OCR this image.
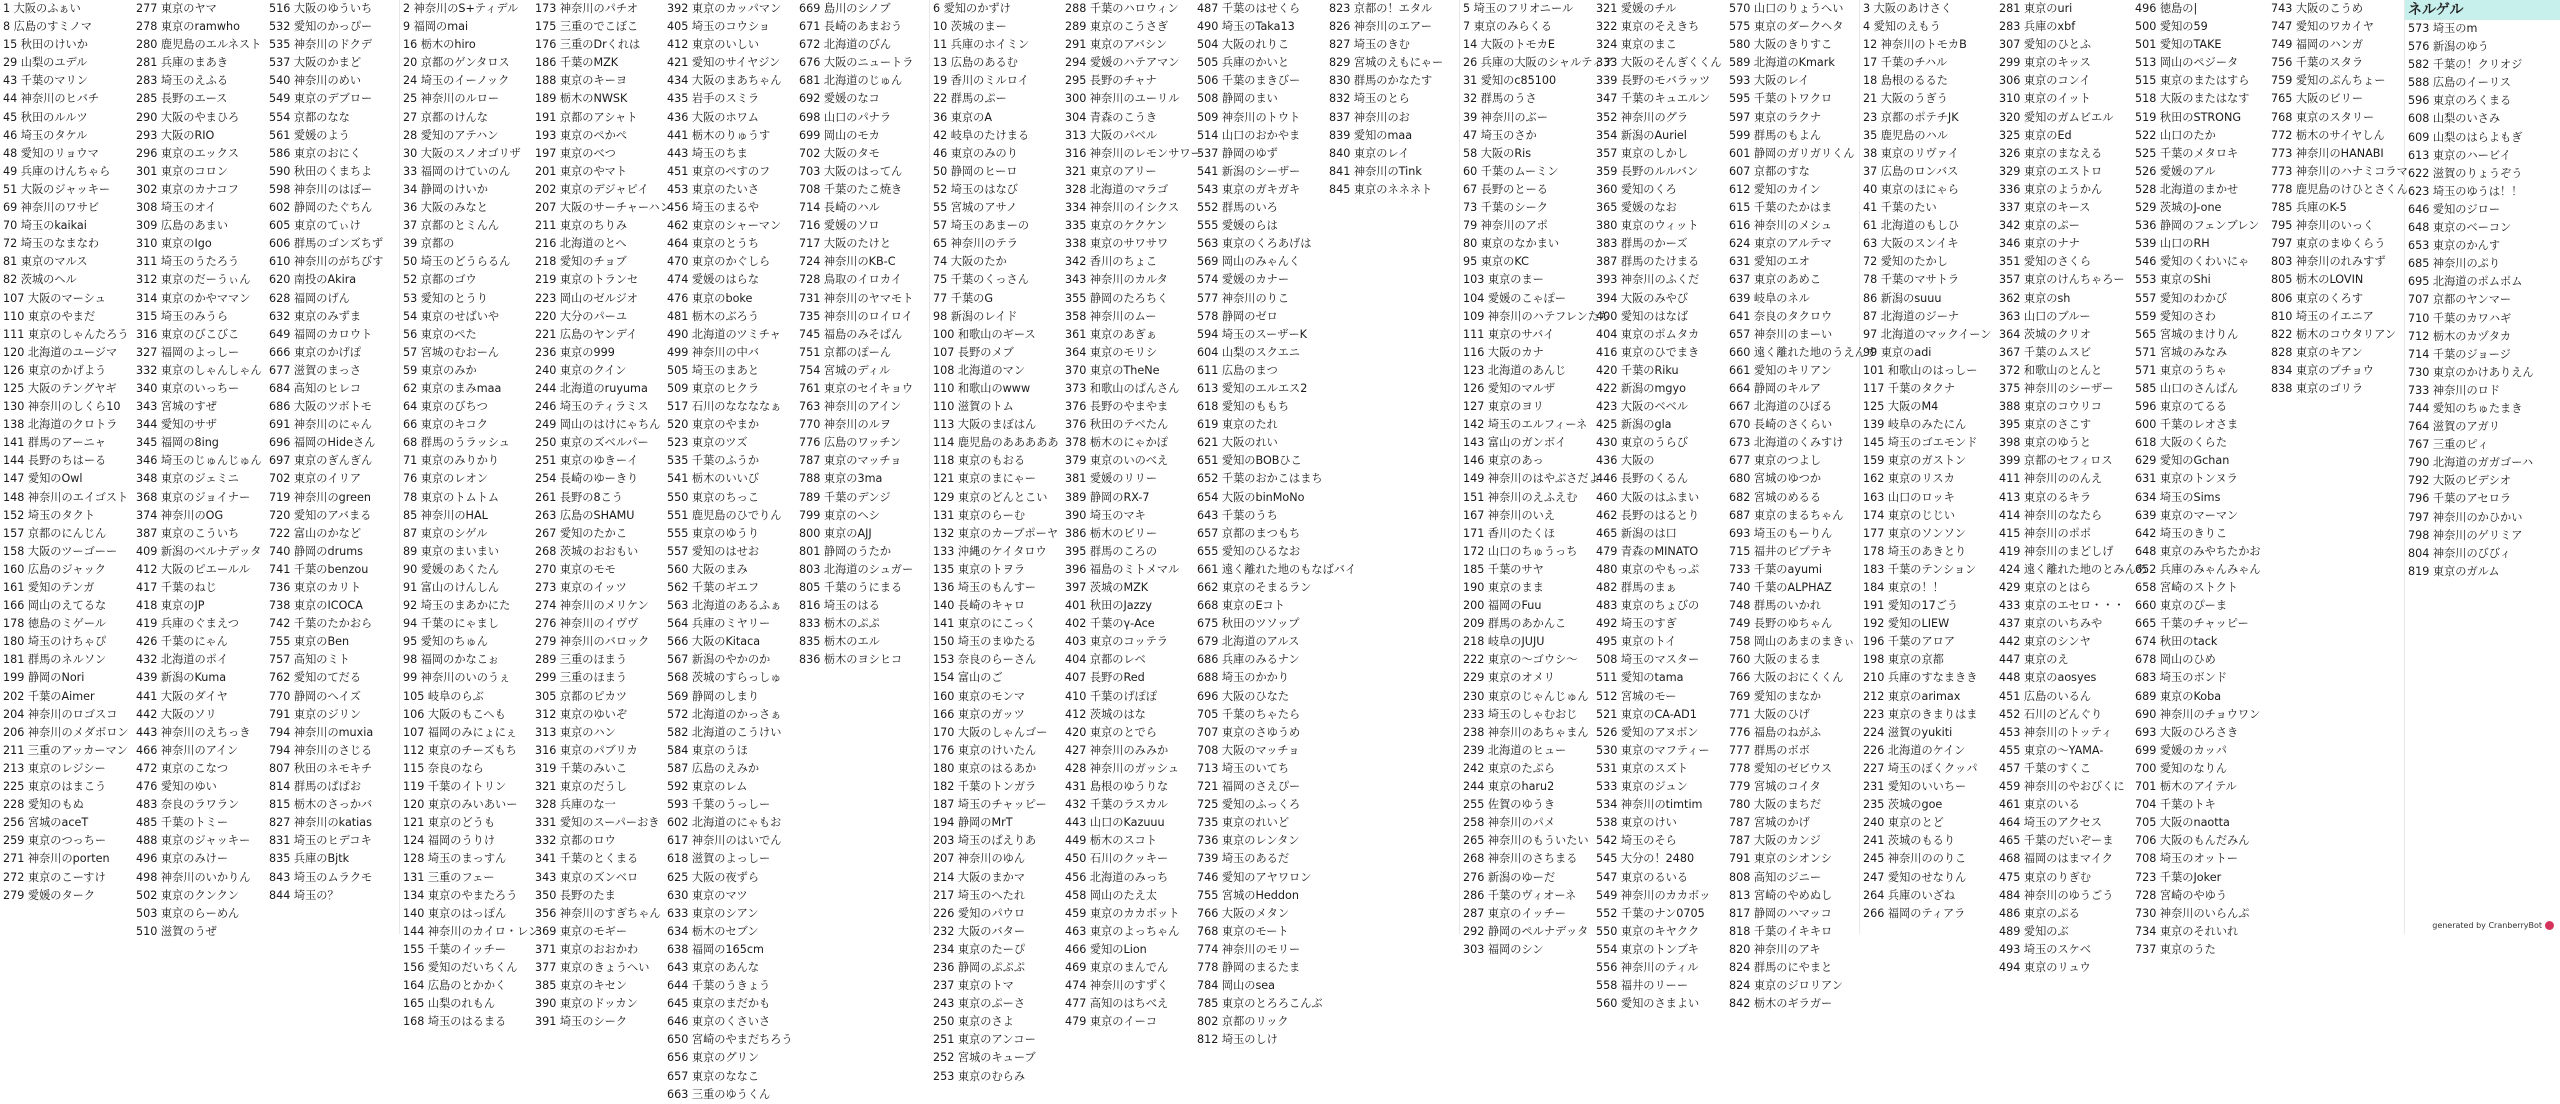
1 大阪のふぁい
8 広島のすミノマ
15 秋田のけいか
29 山梨のユデル
43 千葉のマリン
44 神奈川のヒバチ
45 秋田のルルツ
46 埼玉のタケル
48 愛知のリョウマ
49 兵庫のけんちゃら
51 大阪のジャッキー
69 神奈川のワサビ
70 埼玉のkaikai
72 埼玉のなまなわ
81 東京のマルス
82 茨城のヘル
107 大阪のマーシュ
110 東京のやまだ
111 東京のしゃんたろう
120 北海道のユージマ
126 東京のかげよう
125 大阪のテングヤギ
130 神奈川のしくら10
138 北海道のクロトラ
141 群馬のアーニャ
144 長野のちはーる
147 愛知のOwl
148 神奈川のエイゴスト
152 埼玉のタクト
157 京都のにんじん
158 大阪のツーゴーー
160 広島のジャック
161 愛知のテンガ
166 岡山のえてるな
178 徳島のミゲール
180 埼玉のけちゃぴ
181 群馬のネルソン
199 静岡のNori
202 千葉のAimer
204 神奈川のロゴスコ
206 神奈川のメダボロン
211 三重のアッカーマン
213 東京のレジシー
225 東京のはまこう
228 愛知のもぬ
256 宮城のaceT
259 東京のつっちー
271 神奈川のporten
272 東京のこーすけ
279 愛媛のターク
277 東京のヤマ
278 東京のramwho
280 鹿児島のエルネスト
281 兵庫のまあき
283 埼玉のえふる
285 長野のエース
290 大阪のやまひろ
293 大阪のRIO
296 東京のエックス
301 東京のコロン
302 東京のカナコフ
308 埼玉のオイ
309 広島のあまい
310 東京のIgo
311 埼玉のうたろう
312 東京のだーうぃん
314 東京のかやママン
315 埼玉のみうら
316 東京のびこびこ
327 福岡のよっしー
332 東京のしゃんしゃん
340 東京のいっちー
343 宮城のすぜ
344 愛知のサザ
345 福岡の8ing
346 埼玉のじゅんじゅん
348 東京のジェミニ
368 東京のジョイナー
374 神奈川のOG
387 東京のこういち
409 新潟のベルナデッタ
412 大阪のピエールル
417 千葉のねじ
418 東京のJP
419 兵庫のぐまえつ
426 千葉のにゃん
432 北海道のポイ
439 新潟のKuma
441 大阪のダイヤ
442 大阪のソリ
443 神奈川のえちっき
466 神奈川のアイン
472 東京のこなつ
476 愛知のゆい
483 奈良のラワラン
485 千葉のトミー
488 東京のジャッキー
496 東京のみけー
498 神奈川のいかりん
502 東京のクンクン
503 東京のらーめん
510 滋賀のうぜ
516 大阪のゆういち
532 愛知のかっぴー
535 神奈川のドクデ
537 大阪のかまど
540 神奈川のめい
549 東京のデブロー
554 京都のなな
561 愛媛のよう
586 東京のおにく
590 秋田のくまちよ
598 神奈川のはぼー
602 静岡のたぐちん
605 東京のてぃけ
606 群馬のゴンズちず
610 神奈川のがちびす
620 南投のAkira
628 福岡のげん
632 東京のみずま
649 福岡のカロウト
666 東京のかげぽ
677 滋賀のまっさ
684 高知のヒレコ
686 大阪のツボトモ
691 神奈川のにゃん
696 福岡のHideさん
697 東京のぎんぎん
702 東京のイリア
719 神奈川のgreen
720 愛知のアバまる
722 富山のかなど
740 静岡のdrums
741 千葉のbenzou
736 東京のカリト
738 東京のICOCA
742 千葉のたかおら
755 東京のBen
757 高知のミト
762 愛知のてだる
770 静岡のへイズ
791 東京のジリン
794 神奈川のmuxia
794 神奈川のさじる
807 秋田のネモキチ
814 群馬のぱぱお
815 栃木のさっかバ
827 神奈川のkatias
831 埼玉のヒデコキ
835 兵庫のBjtk
843 埼玉のムラクモ
844 埼玉の？
2 神奈川のS+ティデル
9 福岡のmai
16 栃木のhiro
20 京都のゲンタロス
24 埼玉のイーノック
25 神奈川のルロー
27 京都のけんな
28 愛知のアテハン
30 大阪のスノオゴリザ
33 福岡のけていのん
34 静岡のけいか
36 大阪のみなと
37 京都のとミんん
39 京都の
50 埼玉のどうらるん
52 京都のゴウ
53 愛知のとうり
54 東京のせばいや
56 東京のぺた
57 宮城のむおーん
59 東京のみか
62 東京のまみmaa
64 東京のびちつ
66 東京のキコク
68 群馬のうラッシュ
71 東京のみりかり
76 東京のレオン
78 東京のトムトム
85 神奈川のHAL
87 東京のシゲル
89 東京のまいまい
90 愛媛のあくたん
91 富山のけんしん
92 埼玉のまあかにた
94 千葉のにゃまし
95 愛知のちゅん
98 福岡のかなこぉ
99 神奈川のいのうぇ
105 岐阜のらぶ
106 大阪のもこへも
107 福岡のみにょにぇ
112 東京のチーズもち
115 奈良のなら
119 千葉のイトリン
120 東京のみいあいー
121 東京のどうも
124 福岡のうりけ
128 埼玉のまっすん
131 三重のフェー
134 東京のやまたろう
140 東京のはっぽん
144 神奈川のカイロ・レン
155 千葉のイッチー
156 愛知のだいちくん
164 広島のとかかく
165 山梨のれもん
168 埼玉のはるまる
173 神奈川のパチオ
175 三重のでこぼこ
176 三重のDrくれは
186 千葉のMZK
188 東京のキーヨ
189 栃木のNWSK
191 京都のアシャト
193 東京のぺかぺ
197 東京のべつ
201 東京のやマト
202 東京のデジャピイ
207 大阪のサーチャーハン
211 東京のちりみ
216 北海道のとへ
218 愛知のチョブ
219 東京のトランセ
223 岡山のゼルジオ
220 大分のパーユ
221 広島のヤンデイ
236 東京の999
240 東京のクイン
244 北海道のruyuma
246 埼玉のティラミス
249 岡山のはけにゃちん
250 東京のズベルパー
251 東京のゆきーイ
254 長崎のゆーきり
261 長野の8こう
263 広島のSHAMU
267 愛知のたかこ
268 茨城のおおもい
270 東京のモモ
273 東京のイッツ
274 神奈川のメリケン
276 神奈川のイヴヴ
279 神奈川のバロック
289 三重のほまう
299 三重のほまう
305 京都のピカツ
312 東京のゆいぞ
313 東京のハン
316 東京のパブリカ
319 千葉のみいこ
321 東京のだうし
328 兵庫のな一
331 愛知のスーパーおき
332 京都のロウ
341 千葉のとくまる
343 東京のズンベロ
350 長野のたま
356 神奈川のすぎちゃん
369 東京のモギー
371 東京のおおかわ
377 東京のきょうへい
385 東京のキセン
390 東京のドッカン
391 埼玉のシーク
392 東京のカッパマン
405 埼玉のコウショ
412 東京のいしい
421 愛知のサイヤジン
434 大阪のまあちゃん
435 岩手のスミラ
436 大阪のホワム
441 栃木のりゅうす
443 埼玉のちま
451 東京のぺすのフ
453 東京のたいさ
456 埼玉のまるや
462 東京のシャーマン
464 東京のとうち
470 東京のかぐしら
474 愛媛のはらな
476 東京のboke
481 栃木のぶろう
490 北海道のツミチャ
499 神奈川の中バ
505 埼玉のまあと
509 東京のヒクラ
517 石川のななななぁ
520 東京のやまか
523 東京のツズ
535 千葉のふうか
541 栃木のいいび
550 東京のちっこ
551 鹿児島のひでりん
555 東京のゆうり
557 愛知のはせお
560 大阪のまみ
562 千葉のギエフ
563 北海道のあるふぁ
564 兵庫のミヤリー
566 大阪のKitaca
567 新潟のやかのか
568 茨城のすらっしゅ
569 静岡のしまり
572 北海道のかっさぁ
582 北海道のこうけい
584 東京のうほ
587 広島のえみか
592 東京のレム
593 千葉のうっしー
602 北海道のにゃもお
617 神奈川のはいでん
618 滋賀のよっしー
625 大阪の夜ずら
630 東京のマツ
633 東京のシアン
634 栃木のセブン
638 福岡の165cm
643 東京のあんな
644 千葉のうきょう
645 東京のまだかも
646 東京のくさいさ
650 宮崎のやまだちろう
656 東京のグリン
657 東京のななこ
663 三重のゆうくん
669 島川のシノブ
671 長崎のあまおう
672 北海道のびん
676 大阪のニュートラ
681 北海道のじゅん
692 愛媛のなコ
698 山口のパナラ
699 岡山のモカ
702 大阪のタモ
703 大阪のはってん
708 千葉のたこ焼き
714 長崎のハル
716 愛媛のソロ
717 大阪のたけと
724 神奈川のKB-C
728 鳥取のイロカイ
731 神奈川のヤマモト
735 神奈川のロイロイ
745 福島のみそぱん
751 京都のぽーん
754 宮城のディル
761 東京のセイキョウ
763 神奈川のアイン
770 神奈川のルヲ
776 広島のワッチン
787 東京のマッチョ
788 東京の3ma
789 千葉のデンジ
799 東京のヘシ
800 東京のAJJ
801 静岡のうたか
803 北海道のシュガー
805 千葉のうにまる
816 埼玉のはる
833 栃木のぷぷ
835 栃木のエル
836 栃木のヨシヒコ
6 愛知のかずけ
10 茨城のまー
11 兵庫のホイミン
13 広島のあるむ
19 香川のミルロイ
22 群馬のぷー
36 東京のA
42 岐阜のたけまる
46 東京のみのり
50 静岡のヒーロ
52 埼玉のはなび
55 宮城のアサノ
57 埼玉のあまーの
65 神奈川のテラ
74 大阪のたか
75 千葉のくっさん
77 千葉のG
98 新潟のレイド
100 和歌山のギース
107 長野のメブ
108 北海道のマン
110 和歌山のwww
110 滋賀のトム
113 大阪のまぼはん
114 鹿児島のあああああ
118 東京のもおる
121 東京のまにゃー
129 東京のどんとこい
131 東京のらーむ
132 東京のカーブポーヤ
133 沖縄のケイタロウ
135 東京のトヲラ
136 埼玉のもんすー
140 長崎のキャロ
141 東京のにこっく
150 埼玉のまゆたる
153 奈良のらーさん
154 富山のご
160 東京のモンマ
166 東京のガッツ
170 大阪のしゃんゴー
176 東京のけいたん
180 東京のはるあか
182 千葉のトンガラ
187 埼玉のチャッピー
194 静岡のMrT
203 埼玉のぱえりあ
207 神奈川のゆん
214 大阪のまかマ
217 埼玉のへたれ
226 愛知のパウロ
232 大阪のバター
234 東京のたーぴ
236 静岡のぷぷぷ
237 東京のトマ
243 東京のぷーさ
250 東京のさよ
251 東京のアンコー
252 宮城のキューブ
253 東京のむらみ
288 千葉のハロウィン
289 東京のこうさぎ
291 東京のアバシン
294 愛媛のハテアマン
295 長野のチャナ
300 神奈川のユーリル
304 青森のこうき
313 大阪のパベル
316 神奈川のレモンサワー
321 東京のアリー
328 北海道のマラゴ
334 神奈川のイシクス
335 東京のケクケン
338 東京のサワサワ
342 香川のちょこ
343 神奈川のカルタ
355 静岡のたろちく
358 神奈川のムー
361 東京のあぎぁ
364 東京のモリシ
370 東京のTheNe
373 和歌山のぱんさん
376 長野のやまやま
376 秋田のテベたん
378 栃木のにゃかぽ
379 東京のいのべえ
381 愛媛のリリー
389 静岡のRX-7
390 埼玉のマキ
386 栃木のビリー
395 群馬のころの
396 福島のミトメマル
397 茨城のMZK
401 秋田のJazzy
402 千葉のγ-Ace
403 東京のコッテラ
404 京都のレベ
407 長野のRed
410 千葉のげぽぽ
412 茨城のはな
420 東京のとでら
427 神奈川のみみか
428 神奈川のガッシュ
431 島根のゆうりな
432 千葉のラスカル
443 山口のKazuuu
449 栃木のスコト
450 石川のクッキー
456 北海道のみっち
458 岡山のたえ太
459 東京のカカボット
463 東京のよっちゃん
466 愛知のLion
469 東京のまんでん
474 神奈川のすずく
477 高知のはちべえ
479 東京のイーコ
487 千葉のはせくら
490 埼玉のTaka13
504 大阪のれりこ
505 兵庫のかいと
506 千葉のまきびー
508 静岡のまい
509 神奈川のトウト
514 山口のおかやま
537 静岡のゆず
541 新潟のシーザー
543 東京のガキガキ
552 群馬のいろ
555 愛媛のらは
563 東京のくろあげは
569 岡山のみゃんく
574 愛媛のカナー
577 神奈川のりこ
578 静岡のゼロ
594 埼玉のスーザーK
604 山梨のスクエニ
611 広島のまつ
613 愛知のエルエス2
618 愛知のももち
619 東京のたれ
621 大阪のれい
651 愛知のBOBひこ
652 千葉のおかこはまち
654 大阪のbinMoNo
643 千葉のうち
657 京都のまつもち
655 愛知のひるなお
661 遠く離れた地のもなばバイ
662 東京のそまるラン
668 東京のEコト
675 秋田のツソップ
679 北海道のアルス
686 兵庫のみるナン
688 埼玉のかかり
696 大阪のひなた
705 千葉のちゃたら
707 東京のさゆうめ
708 大阪のマッチョ
713 埼玉のいてち
721 福岡のさえぴー
725 愛知のふっくろ
735 東京のれいど
736 東京のレンタン
739 埼玉のあるだ
746 愛知のアヤワロン
755 宮城のHeddon
766 大阪のメタン
768 東京のモート
774 神奈川のモリー
778 静岡のまるたま
784 岡山のsea
785 東京のとろろこんぶ
802 京都のリック
812 埼玉のしけ
823 京都の！エタル
826 神奈川のエアー
827 埼玉のきむ
829 宮城のえもにゃー
830 群馬のかなたす
832 埼玉のとら
837 神奈川のお
839 愛知のmaa
840 東京のレイ
841 神奈川のTink
845 東京のネネネト
5 埼玉のフリオニール
7 東京のみらくる
14 大阪のトモカE
26 兵庫の大阪のシャルティア
31 愛知のc85100
32 群馬のうさ
39 神奈川のぶー
47 埼玉のさか
58 大阪のRis
60 千葉のムーミン
67 長野のとーる
73 千葉のシーク
79 神奈川のアポ
80 東京のなかまい
95 東京のKC
103 東京のまー
104 愛媛のこゃぽー
109 神奈川のハテフレンたち
111 東京のサバイ
116 大阪のカナ
123 北海道のあんじ
126 愛知のマルザ
127 東京のヨリ
142 埼玉のエルフィーネ
143 富山のガンボイ
146 東京のあっ
149 神奈川のはやぶさだよ
151 神奈川のえふえむ
167 神奈川のいえ
171 香川のたくほ
172 山口のちゅうっち
185 千葉のサヤ
190 東京のまま
200 福岡のFuu
209 群馬のあかんこ
218 岐阜のJUJU
222 東京の〜ゴウシ〜
229 東京のオメリ
230 東京のじゃんじゅん
233 埼玉のしゃむおじ
238 神奈川のあちゃまん
239 北海道のヒュー
242 東京のたぷら
244 東京のharu2
255 佐賀のゆうき
258 神奈川のパメ
265 神奈川のもういたい
268 神奈川のさちまる
276 新潟のゆーだ
286 千葉のヴィオーネ
287 東京のイッチー
292 静岡のペルナデッタ
303 福岡のシン
321 愛媛のチル
322 東京のそえきち
324 東京のまこ
333 大阪のそんぎくくん
339 長野のモバラッツ
347 千葉のキュエルン
352 神奈川のグラ
354 新潟のAuriel
357 東京のしかし
359 長野のルルバン
360 愛知のくろ
365 愛媛のなお
380 東京のウィット
383 群馬のかーズ
387 群馬のたけまる
393 神奈川のふくだ
394 大阪のみやび
400 愛知のはなば
404 東京のポムタカ
416 東京のひでまき
420 千葉のRiku
422 新潟のmgyo
423 大阪のベベル
425 新潟のgla
430 東京のうらび
436 大阪の
446 長野のくるん
460 大阪のはふまい
462 長野のはるとり
465 新潟のは口
479 青森のMINATO
480 東京のやもっぷ
482 群馬のまぁ
483 東京のちょびの
492 埼玉のすぎ
495 東京のトイ
508 埼玉のマスター
511 愛知のtama
512 宮城のモー
521 東京のCA-AD1
526 愛知のアヌボン
530 東京のマフティー
531 東京のスズト
533 東京のジュン
534 神奈川のtimtim
538 東京のけい
542 埼玉のそら
545 大分の！2480
547 東京のるいる
549 神奈川のカカボッ
552 千葉のナン0705
550 東京のキヤクク
554 東京のトンブキ
556 神奈川のティル
558 福井のリーー
560 愛知のさまよい
570 山口のりょうへい
575 東京のダークヘタ
580 大阪のきりすこ
589 北海道のKmark
593 大阪のレイ
595 千葉のトワクロ
597 東京のラクナ
599 群馬のもよん
601 静岡のガリガリくん
607 京都のすな
612 愛知のカイン
615 千葉のたかはま
616 神奈川のメシュ
624 東京のアルテマ
631 愛知のエオ
637 東京のあめこ
639 岐阜のネル
641 奈良のタクロウ
657 神奈川のまーい
660 遠く離れた地のうえんす
661 愛知のキリアン
664 静岡のキルア
667 北海道のひぼる
670 長崎のさくらい
673 北海道のくみすけ
677 東京のつよし
680 宮城のゆつか
682 宮城のめるる
687 東京のまるちゃん
693 埼玉のもーりん
715 福井のピプテキ
733 千葉のayumi
740 千葉のALPHAZ
748 群馬のいかれ
749 長野のゆちゃん
758 岡山のあまのまきぃ
760 大阪のまるま
766 大阪のおにくくん
769 愛知のまなか
771 大阪のひげ
776 福島のねがふ
777 群馬のボボ
778 愛知のゼビウス
779 宮城のコイタ
780 大阪のまちだ
787 宮城のかげ
787 大阪のカンジ
791 東京のシオンシ
808 高知のジニー
813 宮崎のやめぬし
817 静岡のハマッコ
818 千葉のイキキロ
820 神奈川のアキ
824 群馬のにやまと
824 東京のジロリアン
842 栃木のギラガー
3 大阪のあけさく
4 愛知のえもう
12 神奈川のトモカB
17 千葉のチハル
18 島根のるるた
21 大阪のうぎう
23 京都のポテチJK
35 鹿児島のハル
38 東京のリヴァイ
37 広島のロンバス
40 東京のほにゃら
41 千葉のたい
61 北海道のもしひ
63 大阪のスンイキ
72 愛知のたかし
78 千葉のマサトラ
86 新潟のsuuu
87 北海道のジーナ
97 北海道のマックイーン
99 東京のadi
101 和歌山のはっしー
117 千葉のタクナ
125 大阪のM4
139 岐阜のみたにん
145 埼玉のゴエモンド
159 東京のガストン
162 東京のリスカ
163 山口のロッキ
174 東京のじじい
177 東京のソンソン
178 埼玉のあきとり
183 千葉のテンション
184 東京の！！
191 愛知の17ごう
192 愛知のLIEW
196 千葉のアロア
198 東京の京都
210 兵庫のすなまきき
212 東京のarimax
223 東京のきまりはま
224 滋賀のyukiti
226 北海道のケイン
227 埼玉のぼくクッパ
231 愛知のいいちー
235 茨城のgoe
240 東京のとど
241 茨城のもるり
245 神奈川ののりこ
247 愛知のせなりん
264 兵庫のいざね
266 福岡のティアラ
281 東京のuri
283 兵庫のxbf
307 愛知のひとふ
299 東京のキッス
306 東京のコンイ
310 東京のイット
320 愛知のガムビエル
325 東京のEd
326 東京のまなえる
329 東京のエストロ
336 東京のようかん
337 東京のキース
342 東京のぷー
346 東京のナナ
351 愛知のさくら
357 東京のけんちゃろー
362 東京のsh
363 山口のブルー
364 茨城のクリオ
367 千葉のムスビ
372 和歌山のとんと
375 神奈川のシーザー
388 東京のコウリコ
395 東京のさこす
398 東京のゆうと
399 京都のセフィロス
411 神奈川ののんえ
413 東京のるキラ
414 神奈川のなたら
415 神奈川のポポ
419 神奈川のまどしげ
424 遠く離れた地のとみんあ
429 東京のとはら
433 東京のエセロ・・・
437 東京のいちみや
442 東京のシンヤ
447 東京のえ
448 東京のaosyes
451 広島のいるん
452 石川のどんぐり
453 神奈川のトッティ
455 東京の〜YAMA-
457 千葉のすくこ
459 神奈川のやおびくに
461 東京のいる
464 埼玉のアクセス
465 千葉のだいぞーま
468 福岡のはまマイク
475 東京のりぎむ
484 神奈川のゆうごう
486 東京のぷる
489 愛知のぶ
493 埼玉のスケベ
494 東京のリュウ
496 徳島の|
500 愛知の59
501 愛知のTAKE
513 岡山のペジータ
515 東京のまたはすら
518 大阪のまたはなす
519 秋田のSTRONG
522 山口のたか
525 千葉のメタロキ
526 愛媛のアル
528 北海道のまかせ
529 茨城のJ-one
536 静岡のフェンブレン
539 山口のRH
546 愛知のくわいにゃ
553 東京のShi
557 愛知のわかび
559 愛知のさわ
565 宮城のまけりん
571 宮城のみなみ
571 東京のうちゃ
585 山口のさんぱん
596 東京のてるる
600 千葉のレオさま
618 大阪のくらた
629 愛知のGchan
631 東京のトンヌラ
634 埼玉のSims
639 東京のマーマン
642 埼玉のきりこ
648 東京のみやちたかお
652 兵庫のみゃんみゃん
658 宮崎のストクト
660 東京のぴーま
665 千葉のチャッピー
674 秋田のtack
678 岡山のひめ
683 埼玉のボンド
689 東京のKoba
690 神奈川のチョウワン
693 大阪のひろさき
699 愛媛のカッパ
700 愛知のなりん
701 栃木のアイテル
704 千葉のトキ
705 大阪のnaotta
706 大阪のもんだみん
708 埼玉のオットー
723 千葉のJoker
728 宮崎のやゆう
730 神奈川のいらんぷ
734 東京のそれいれ
737 東京のうた
743 大阪のこうめ
747 愛知のワカイヤ
749 福岡のハンガ
756 千葉のスタラ
759 愛知のぷんちょー
765 大阪のビリー
768 東京のスタリー
772 栃木のサイヤしん
773 神奈川のHANABI
773 神奈川のハナミコラマ
778 鹿児島のけひとさくん
785 兵庫のK-5
795 神奈川のいっく
797 東京のまゆくらう
803 神奈川のれみすず
805 栃木のLOVIN
806 東京のくろす
810 埼玉のイエニア
822 栃木のコウタリアン
828 東京のキアン
834 東京のプチョウ
838 東京のゴリラ
ネルゲル
573 埼玉のm
576 新潟のゆう
582 千葉の！クリオジ
588 広島のイーリス
596 東京のろくまる
608 山梨のいさみ
609 山梨のはらよもぎ
613 東京のハービイ
622 滋賀のりょうぞう
623 埼玉のゆうは！！
646 愛知のジロー
648 東京のベーコン
653 東京のかんす
685 神奈川のぷり
695 北海道のポムポム
707 京都のヤンマー
710 千葉のカワハギ
712 栃木のカヅタカ
714 千葉のジョージ
730 東京のかけありえん
733 神奈川のロド
744 愛知のちゅたまき
764 滋賀のアガリ
767 三重のピィ
790 北海道のガガゴーハ
792 大阪のビデシオ
796 千葉のアセロラ
797 神奈川のかひかい
798 神奈川のゲリミア
804 神奈川のびびィ
819 東京のガルム
generated by CranberryBot
